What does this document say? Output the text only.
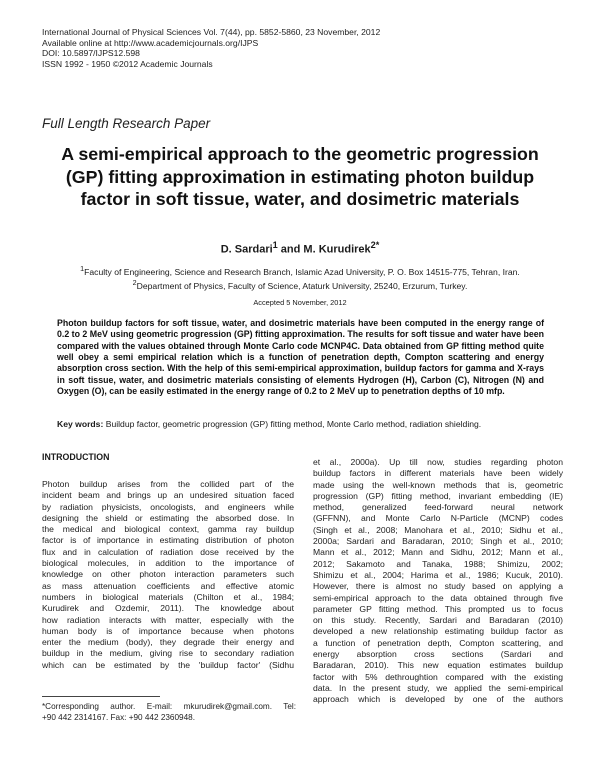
International Journal of Physical Sciences Vol. 7(44), pp. 5852-5860, 23 November, 2012
Available online at http://www.academicjournals.org/IJPS
DOI: 10.5897/IJPS12.598
ISSN 1992 - 1950 ©2012 Academic Journals
Full Length Research Paper
A semi-empirical approach to the geometric progression (GP) fitting approximation in estimating photon buildup factor in soft tissue, water, and dosimetric materials
D. Sardari$^1$ and M. Kurudirek$^{2*}$
$^1$Faculty of Engineering, Science and Research Branch, Islamic Azad University, P. O. Box 14515-775, Tehran, Iran.
$^2$Department of Physics, Faculty of Science, Ataturk University, 25240, Erzurum, Turkey.
Accepted 5 November, 2012
Photon buildup factors for soft tissue, water, and dosimetric materials have been computed in the energy range of 0.2 to 2 MeV using geometric progression (GP) fitting approximation. The results for soft tissue and water have been compared with the values obtained through Monte Carlo code MCNP4C. Data obtained from GP fitting method quite well obey a semi empirical relation which is a function of penetration depth, Compton scattering and energy absorption cross section. With the help of this semi-empirical approximation, buildup factors for gamma and X-rays in soft tissue, water, and dosimetric materials consisting of elements Hydrogen (H), Carbon (C), Nitrogen (N) and Oxygen (O), can be easily estimated in the energy range of 0.2 to 2 MeV up to penetration depths of 10 mfp.
Key words: Buildup factor, geometric progression (GP) fitting method, Monte Carlo method, radiation shielding.
INTRODUCTION
Photon buildup arises from the collided part of the
incident beam and brings up an undesired situation faced
by radiation physicists, oncologists, and engineers while
designing the shield or estimating the absorbed dose. In
the medical and biological context, gamma ray buildup
factor is of importance in estimating distribution of photon
flux and in calculation of radiation dose received by the
biological molecules, in addition to the importance of
knowledge on other photon interaction parameters such
as mass attenuation coefficients and effective atomic
numbers in biological materials (Chilton et al., 1984;
Kurudirek and Ozdemir, 2011). The knowledge about
how radiation interacts with matter, especially with the
human body is of importance because when photons
enter the medium (body), they degrade their energy and
buildup in the medium, giving rise to secondary radiation
which can be estimated by the 'buildup factor' (Sidhu
et al., 2000a). Up till now, studies regarding photon
buildup factors in different materials have been widely
made using the well-known methods that is, geometric
progression (GP) fitting method, invariant embedding (IE)
method, generalized feed-forward neural network
(GFFNN), and Monte Carlo N-Particle (MCNP) codes
(Singh et al., 2008; Manohara et al., 2010; Sidhu et al.,
2000a; Sardari and Baradaran, 2010; Singh et al., 2010;
Mann et al., 2012; Mann and Sidhu, 2012; Mann et al.,
2012; Sakamoto and Tanaka, 1988; Shimizu, 2002;
Shimizu et al., 2004; Harima et al., 1986; Kucuk, 2010).
However, there is almost no study based on applying a
semi-empirical approach to the data obtained through five
parameter GP fitting method. This prompted us to focus
on this study. Recently, Sardari and Baradaran (2010)
developed a new relationship estimating buildup factor as
a function of penetration depth, Compton scattering, and
energy absorption cross sections (Sardari and
Baradaran, 2010). This new equation estimates buildup
factor with 5% dethroughtion compared with the existing
data. In the present study, we applied the semi-empirical
approach which is developed by one of the authors
*Corresponding author. E-mail: mkurudirek@gmail.com. Tel:
+90 442 2314167. Fax: +90 442 2360948.
